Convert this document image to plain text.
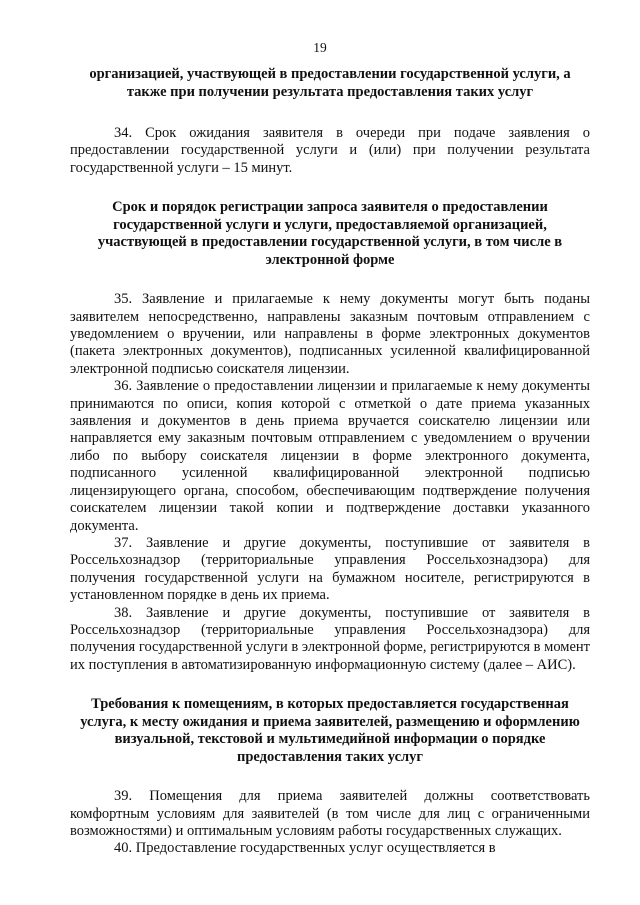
19

организацией, участвующей в предоставлении государственной услуги, а также при получении результата предоставления таких услуг

34. Срок ожидания заявителя в очереди при подаче заявления о предоставлении государственной услуги и (или) при получении результата государственной услуги – 15 минут.

Срок и порядок регистрации запроса заявителя о предоставлении государственной услуги и услуги, предоставляемой организацией, участвующей в предоставлении государственной услуги, в том числе в электронной форме

35. Заявление и прилагаемые к нему документы могут быть поданы заявителем непосредственно, направлены заказным почтовым отправлением с уведомлением о вручении, или направлены в форме электронных документов (пакета электронных документов), подписанных усиленной квалифицированной электронной подписью соискателя лицензии.

36. Заявление о предоставлении лицензии и прилагаемые к нему документы принимаются по описи, копия которой с отметкой о дате приема указанных заявления и документов в день приема вручается соискателю лицензии или направляется ему заказным почтовым отправлением с уведомлением о вручении либо по выбору соискателя лицензии в форме электронного документа, подписанного усиленной квалифицированной электронной подписью лицензирующего органа, способом, обеспечивающим подтверждение получения соискателем лицензии такой копии и подтверждение доставки указанного документа.

37. Заявление и другие документы, поступившие от заявителя в Россельхознадзор (территориальные управления Россельхознадзора) для получения государственной услуги на бумажном носителе, регистрируются в установленном порядке в день их приема.

38. Заявление и другие документы, поступившие от заявителя в Россельхознадзор (территориальные управления Россельхознадзора) для получения государственной услуги в электронной форме, регистрируются в момент их поступления в автоматизированную информационную систему (далее – АИС).

Требования к помещениям, в которых предоставляется государственная услуга, к месту ожидания и приема заявителей, размещению и оформлению визуальной, текстовой и мультимедийной информации о порядке предоставления таких услуг

39. Помещения для приема заявителей должны соответствовать комфортным условиям для заявителей (в том числе для лиц с ограниченными возможностями) и оптимальным условиям работы государственных служащих.

40. Предоставление государственных услуг осуществляется в
